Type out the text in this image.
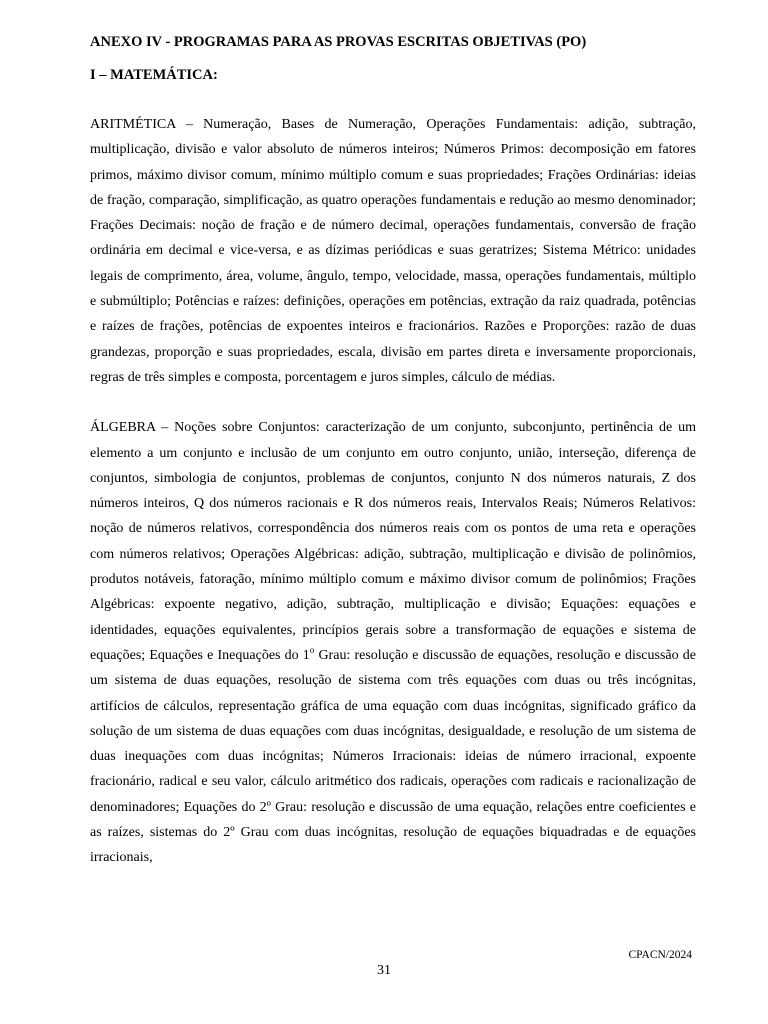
ANEXO IV - PROGRAMAS PARA AS PROVAS ESCRITAS OBJETIVAS (PO)

I – MATEMÁTICA:

ARITMÉTICA – Numeração, Bases de Numeração, Operações Fundamentais: adição, subtração, multiplicação, divisão e valor absoluto de números inteiros; Números Primos: decomposição em fatores primos, máximo divisor comum, mínimo múltiplo comum e suas propriedades; Frações Ordinárias: ideias de fração, comparação, simplificação, as quatro operações fundamentais e redução ao mesmo denominador; Frações Decimais: noção de fração e de número decimal, operações fundamentais, conversão de fração ordinária em decimal e vice-versa, e as dízimas periódicas e suas geratrizes; Sistema Métrico: unidades legais de comprimento, área, volume, ângulo, tempo, velocidade, massa, operações fundamentais, múltiplo e submúltiplo; Potências e raízes: definições, operações em potências, extração da raiz quadrada, potências e raízes de frações, potências de expoentes inteiros e fracionários. Razões e Proporções: razão de duas grandezas, proporção e suas propriedades, escala, divisão em partes direta e inversamente proporcionais, regras de três simples e composta, porcentagem e juros simples, cálculo de médias.

ÁLGEBRA – Noções sobre Conjuntos: caracterização de um conjunto, subconjunto, pertinência de um elemento a um conjunto e inclusão de um conjunto em outro conjunto, união, interseção, diferença de conjuntos, simbologia de conjuntos, problemas de conjuntos, conjunto N dos números naturais, Z dos números inteiros, Q dos números racionais e R dos números reais, Intervalos Reais; Números Relativos: noção de números relativos, correspondência dos números reais com os pontos de uma reta e operações com números relativos; Operações Algébricas: adição, subtração, multiplicação e divisão de polinômios, produtos notáveis, fatoração, mínimo múltiplo comum e máximo divisor comum de polinômios; Frações Algébricas: expoente negativo, adição, subtração, multiplicação e divisão; Equações: equações e identidades, equações equivalentes, princípios gerais sobre a transformação de equações e sistema de equações; Equações e Inequações do 1$^o$ Grau: resolução e discussão de equações, resolução e discussão de um sistema de duas equações, resolução de sistema com três equações com duas ou três incógnitas, artifícios de cálculos, representação gráfica de uma equação com duas incógnitas, significado gráfico da solução de um sistema de duas equações com duas incógnitas, desigualdade, e resolução de um sistema de duas inequações com duas incógnitas; Números Irracionais: ideias de número irracional, expoente fracionário, radical e seu valor, cálculo aritmético dos radicais, operações com radicais e racionalização de denominadores; Equações do 2º Grau: resolução e discussão de uma equação, relações entre coeficientes e as raízes, sistemas do 2º Grau com duas incógnitas, resolução de equações biquadradas e de equações irracionais,

CPACN/2024
31
